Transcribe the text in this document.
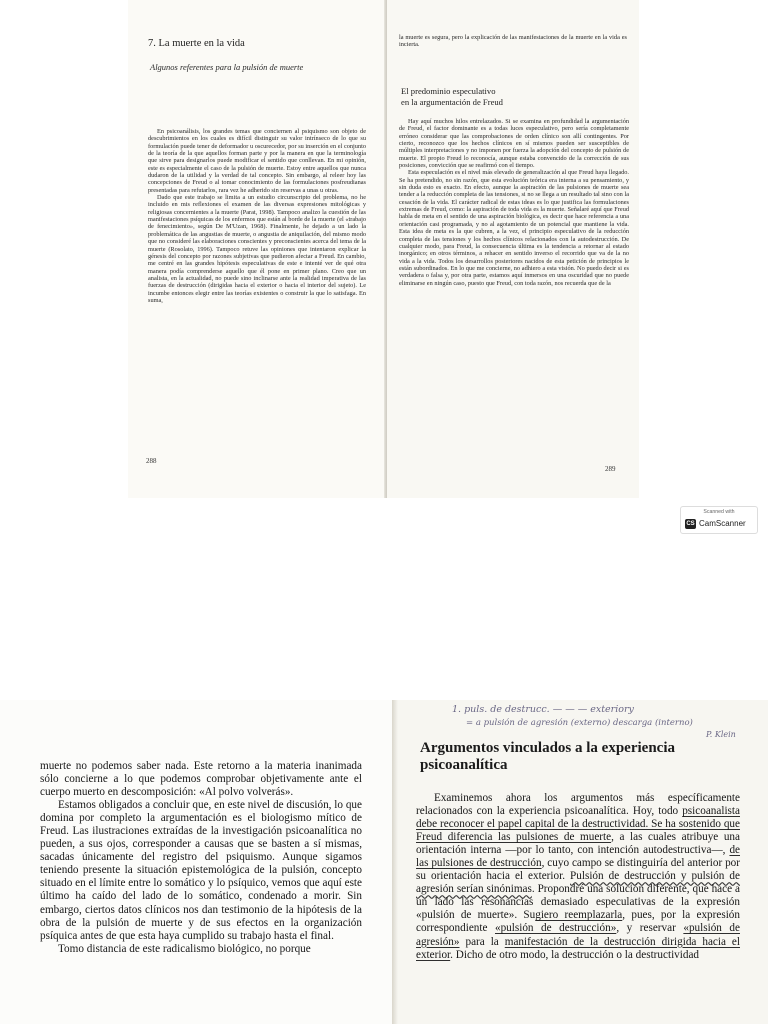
7. La muerte en la vida
Algunos referentes para la pulsión de muerte

En psicoanálisis, los grandes temas que conciernen al psiquismo son objeto de descubrimientos en los cuales es difícil distinguir su valor intrínseco de lo que su formulación puede tener de deformador u oscurecedor, por su inserción en el conjunto de la teoría de la que aquellos forman parte y por la manera en que la terminología que sirve para designarlos puede modificar el sentido que conllevan. En mi opinión, este es especialmente el caso de la pulsión de muerte. Estoy entre aquellos que nunca dudaron de la utilidad y la verdad de tal concepto. Sin embargo, al releer hoy las concepciones de Freud o al tomar conocimiento de las formulaciones posfreudianas presentadas para refutarlos, rara vez he adherido sin reservas a unas u otras.

Dado que este trabajo se limita a un estudio circunscripto del problema, no he incluido en mis reflexiones el examen de las diversas expresiones mitológicas y religiosas concernientes a la muerte (Parat, 1998). Tampoco analizo la cuestión de las manifestaciones psíquicas de los enfermos que están al borde de la muerte (el «trabajo de fenecimiento», según De M'Uzan, 1968). Finalmente, he dejado a un lado la problemática de las angustias de muerte, o angustia de aniquilación, del mismo modo que no consideré las elaboraciones conscientes y preconscientes acerca del tema de la muerte (Rosolato, 1996). Tampoco retuve las opiniones que intentaron explicar la génesis del concepto por razones subjetivas que pudieron afectar a Freud. En cambio, me centré en las grandes hipótesis especulativas de este e intenté ver de qué otra manera podía comprenderse aquello que él pone en primer plano. Creo que un analista, en la actualidad, no puede sino inclinarse ante la realidad imperativa de las fuerzas de destrucción (dirigidas hacia el exterior o hacia el interior del sujeto). Le incumbe entonces elegir entre las teorías existentes o construir la que lo satisfaga. En suma,

288
la muerte es segura, pero la explicación de las manifestaciones de la muerte en la vida es incierta.
El predominio especulativo
en la argumentación de Freud

Hay aquí muchos hilos entrelazados. Si se examina en profundidad la argumentación de Freud, el factor dominante es a todas luces especulativo, pero sería completamente erróneo considerar que las comprobaciones de orden clínico son allí contingentes. Por cierto, reconozco que los hechos clínicos en sí mismos pueden ser susceptibles de múltiples interpretaciones y no imponen por fuerza la adopción del concepto de pulsión de muerte. El propio Freud lo reconocía, aunque estaba convencido de la corrección de sus posiciones, convicción que se reafirmó con el tiempo.

Esta especulación es el nivel más elevado de generalización al que Freud haya llegado. Se ha pretendido, no sin razón, que esta evolución teórica era interna a su pensamiento, y sin duda esto es exacto. En efecto, aunque la aspiración de las pulsiones de muerte sea tender a la reducción completa de las tensiones, si no se llega a un resultado tal sino con la cesación de la vida. El carácter radical de estas ideas es lo que justifica las formulaciones extremas de Freud, como: la aspiración de toda vida es la muerte. Señalaré aquí que Freud habla de meta en el sentido de una aspiración biológica, es decir que hace referencia a una orientación casi programada, y no al agotamiento de un potencial que mantiene la vida. Esta idea de meta es la que cubren, a la vez, el principio especulativo de la reducción completa de las tensiones y los hechos clínicos relacionados con la autodestrucción. De cualquier modo, para Freud, la consecuencia última es la tendencia a retornar al estado inorgánico; en otros términos, a rehacer en sentido inverso el recorrido que va de la no vida a la vida. Todos los desarrollos posteriores nacidos de esta petición de principios le están subordinados. En lo que me concierne, no adhiero a esta visión. No puedo decir si es verdadera o falsa y, por otra parte, estamos aquí inmersos en una oscuridad que no puede eliminarse en ningún caso, puesto que Freud, con toda razón, nos recuerda que de la

289
Scanned with
CS CamScanner

muerte no podemos saber nada. Este retorno a la materia inanimada sólo concierne a lo que podemos comprobar objetivamente ante el cuerpo muerto en descomposición: «Al polvo volverás».

Estamos obligados a concluir que, en este nivel de discusión, lo que domina por completo la argumentación es el biologismo mítico de Freud. Las ilustraciones extraídas de la investigación psicoanalítica no pueden, a sus ojos, corresponder a causas que se basten a sí mismas, sacadas únicamente del registro del psiquismo. Aunque sigamos teniendo presente la situación epistemológica de la pulsión, concepto situado en el límite entre lo somático y lo psíquico, vemos que aquí este último ha caído del lado de lo somático, condenado a morir. Sin embargo, ciertos datos clínicos nos dan testimonio de la hipótesis de la obra de la pulsión de muerte y de sus efectos en la organización psíquica antes de que esta haya cumplido su trabajo hasta el final.

Tomo distancia de este radicalismo biológico, no porque

1. puls. de destrucc. — — — exteriory
= a pulsión de agresión (externo) descarga (interno)
P. Klein
Argumentos vinculados a la experiencia
psicoanalítica

Examinemos ahora los argumentos más específicamente relacionados con la experiencia psicoanalítica. Hoy, todo psicoanalista debe reconocer el papel capital de la destructividad. Se ha sostenido que Freud diferencia las pulsiones de muerte, a las cuales atribuye una orientación interna —por lo tanto, con intención autodestructiva—, de las pulsiones de destrucción, cuyo campo se distinguiría del anterior por su orientación hacia el exterior. Pulsión de destrucción y pulsión de agresión serían sinónimas. Propondré una solución diferente, que hace a un lado las resonancias demasiado especulativas de la expresión «pulsión de muerte». Sugiero reemplazarla, pues, por la expresión correspondiente «pulsión de destrucción», y reservar «pulsión de agresión» para la manifestación de la destrucción dirigida hacia el exterior. Dicho de otro modo, la destrucción o la destructividad
